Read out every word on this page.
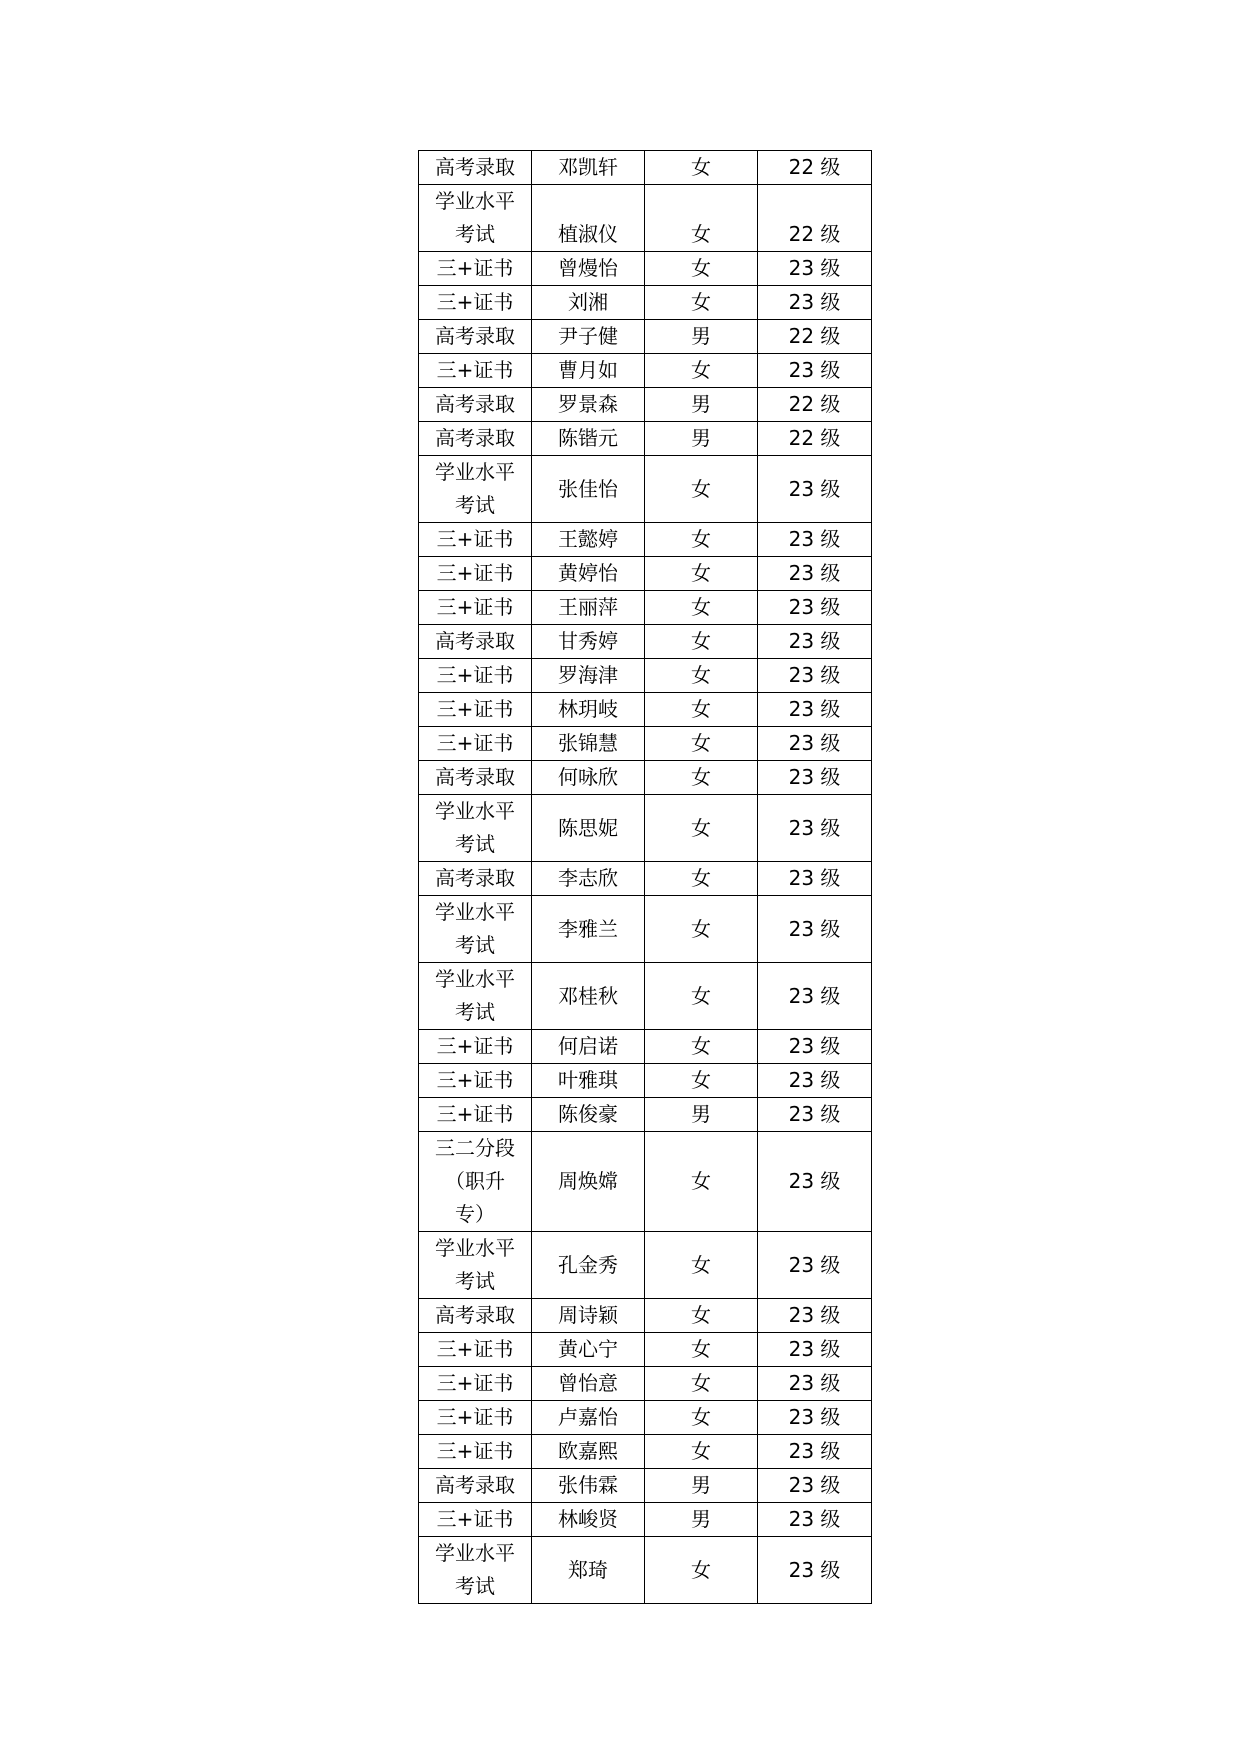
高考录取	邓凯轩	女	22 级

学业水平考试	植淑仪	女	22 级

三+证书	曾熳怡	女	23 级

三+证书	刘湘	女	23 级

高考录取	尹子健	男	22 级

三+证书	曹月如	女	23 级

高考录取	罗景森	男	22 级

高考录取	陈锴元	男	22 级

学业水平考试	张佳怡	女	23 级

三+证书	王懿婷	女	23 级

三+证书	黄婷怡	女	23 级

三+证书	王丽萍	女	23 级

高考录取	甘秀婷	女	23 级

三+证书	罗海津	女	23 级

三+证书	林玥岐	女	23 级

三+证书	张锦慧	女	23 级

高考录取	何咏欣	女	23 级

学业水平考试	陈思妮	女	23 级

高考录取	李志欣	女	23 级

学业水平考试	李雅兰	女	23 级

学业水平考试	邓桂秋	女	23 级

三+证书	何启诺	女	23 级

三+证书	叶雅琪	女	23 级

三+证书	陈俊豪	男	23 级

三二分段（职升专）	周焕嫦	女	23 级

学业水平考试	孔金秀	女	23 级

高考录取	周诗颖	女	23 级

三+证书	黄心宁	女	23 级

三+证书	曾怡意	女	23 级

三+证书	卢嘉怡	女	23 级

三+证书	欧嘉熙	女	23 级

高考录取	张伟霖	男	23 级

三+证书	林峻贤	男	23 级

学业水平考试	郑琦	女	23 级
